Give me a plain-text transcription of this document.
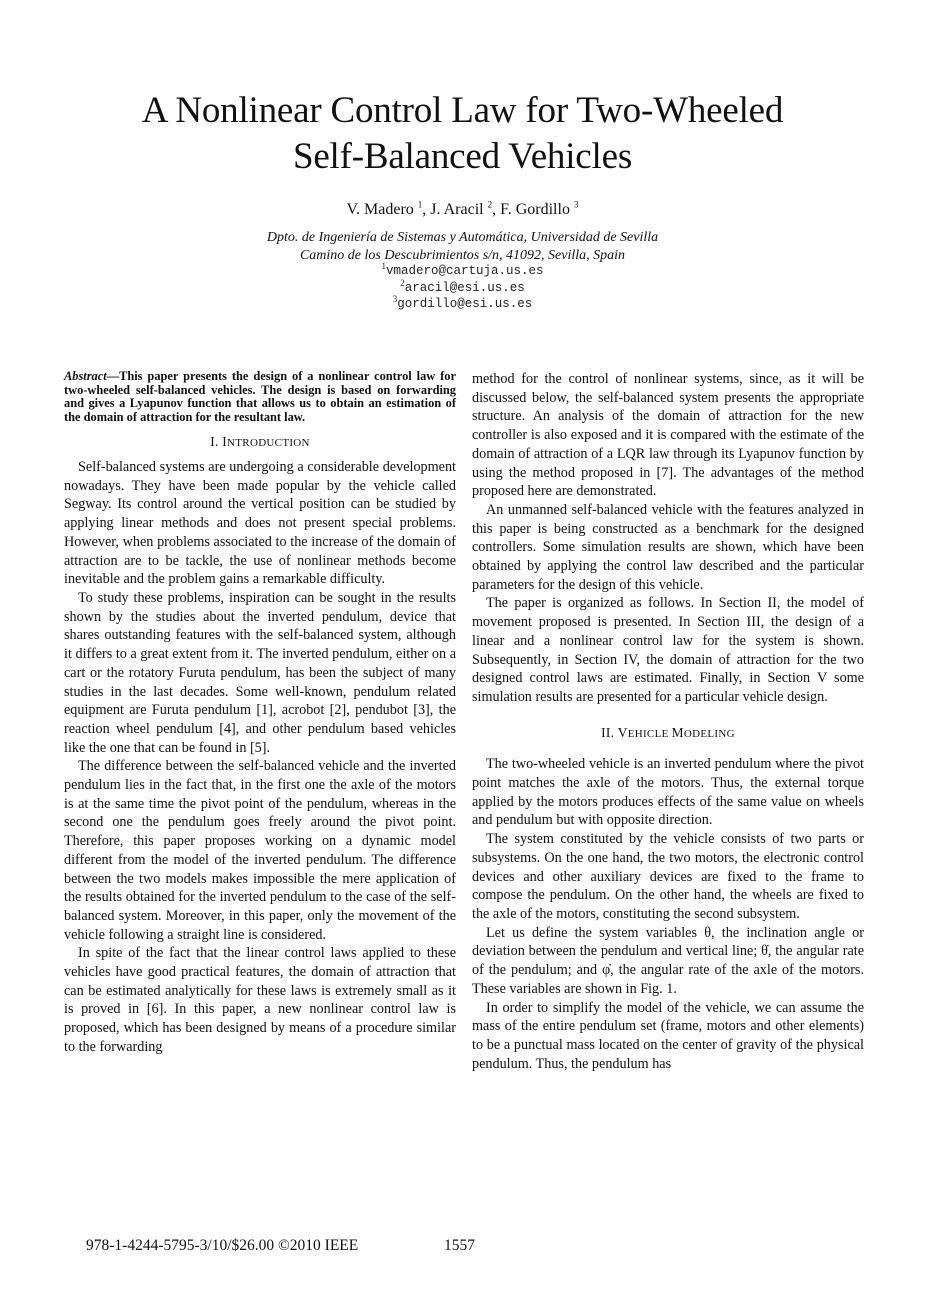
A Nonlinear Control Law for Two-Wheeled
Self-Balanced Vehicles
V. Madero $^1$, J. Aracil $^2$, F. Gordillo $^3$
Dpto. de Ingeniería de Sistemas y Automática, Universidad de Sevilla
Camino de los Descubrimientos s/n, 41092, Sevilla, Spain
$^1$vmadero@cartuja.us.es
$^2$aracil@esi.us.es
$^3$gordillo@esi.us.es
Abstract—This paper presents the design of a nonlinear control law for two-wheeled self-balanced vehicles. The design is based on forwarding and gives a Lyapunov function that allows us to obtain an estimation of the domain of attraction for the resultant law.
I. INTRODUCTION

Self-balanced systems are undergoing a considerable development nowadays. They have been made popular by the vehicle called Segway. Its control around the vertical position can be studied by applying linear methods and does not present special problems. However, when problems associated to the increase of the domain of attraction are to be tackle, the use of nonlinear methods become inevitable and the problem gains a remarkable difficulty.

To study these problems, inspiration can be sought in the results shown by the studies about the inverted pendulum, device that shares outstanding features with the self-balanced system, although it differs to a great extent from it. The inverted pendulum, either on a cart or the rotatory Furuta pendulum, has been the subject of many studies in the last decades. Some well-known, pendulum related equipment are Furuta pendulum [1], acrobot [2], pendubot [3], the reaction wheel pendulum [4], and other pendulum based vehicles like the one that can be found in [5].

The difference between the self-balanced vehicle and the inverted pendulum lies in the fact that, in the first one the axle of the motors is at the same time the pivot point of the pendulum, whereas in the second one the pendulum goes freely around the pivot point. Therefore, this paper proposes working on a dynamic model different from the model of the inverted pendulum. The difference between the two models makes impossible the mere application of the results obtained for the inverted pendulum to the case of the self-balanced system. Moreover, in this paper, only the movement of the vehicle following a straight line is considered.

In spite of the fact that the linear control laws applied to these vehicles have good practical features, the domain of attraction that can be estimated analytically for these laws is extremely small as it is proved in [6]. In this paper, a new nonlinear control law is proposed, which has been designed by means of a procedure similar to the forwarding

method for the control of nonlinear systems, since, as it will be discussed below, the self-balanced system presents the appropriate structure. An analysis of the domain of attraction for the new controller is also exposed and it is compared with the estimate of the domain of attraction of a LQR law through its Lyapunov function by using the method proposed in [7]. The advantages of the method proposed here are demonstrated.

An unmanned self-balanced vehicle with the features analyzed in this paper is being constructed as a benchmark for the designed controllers. Some simulation results are shown, which have been obtained by applying the control law described and the particular parameters for the design of this vehicle.

The paper is organized as follows. In Section II, the model of movement proposed is presented. In Section III, the design of a linear and a nonlinear control law for the system is shown. Subsequently, in Section IV, the domain of attraction for the two designed control laws are estimated. Finally, in Section V some simulation results are presented for a particular vehicle design.

II. VEHICLE MODELING

The two-wheeled vehicle is an inverted pendulum where the pivot point matches the axle of the motors. Thus, the external torque applied by the motors produces effects of the same value on wheels and pendulum but with opposite direction.

The system constituted by the vehicle consists of two parts or subsystems. On the one hand, the two motors, the electronic control devices and other auxiliary devices are fixed to the frame to compose the pendulum. On the other hand, the wheels are fixed to the axle of the motors, constituting the second subsystem.

Let us define the system variables θ, the inclination angle or deviation between the pendulum and vertical line; θ̇, the angular rate of the pendulum; and φ̇, the angular rate of the axle of the motors. These variables are shown in Fig. 1.

In order to simplify the model of the vehicle, we can assume the mass of the entire pendulum set (frame, motors and other elements) to be a punctual mass located on the center of gravity of the physical pendulum. Thus, the pendulum has

978-1-4244-5795-3/10/$26.00 ©2010 IEEE	1557
